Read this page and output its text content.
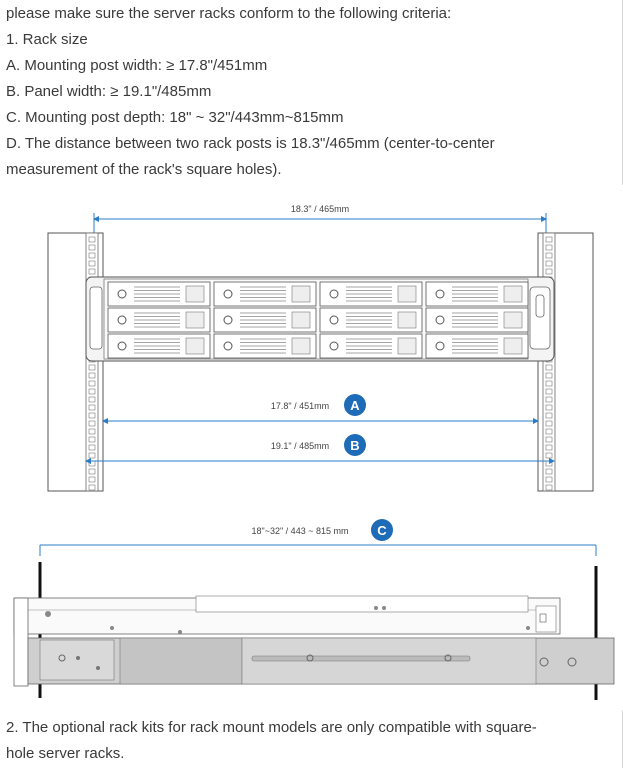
please make sure the server racks conform to the following criteria:
1. Rack size
A. Mounting post width: ≥ 17.8"/451mm
B. Panel width: ≥ 19.1"/485mm
C. Mounting post depth: 18" ~ 32"/443mm~815mm
D. The distance between two rack posts is 18.3"/465mm (center-to-center
measurement of the rack's square holes).
18.3" / 465mm
17.8" / 451mm A
19.1" / 485mm B
18"~32" / 443 ~ 815 mm C
2. The optional rack kits for rack mount models are only compatible with square-
hole server racks.
